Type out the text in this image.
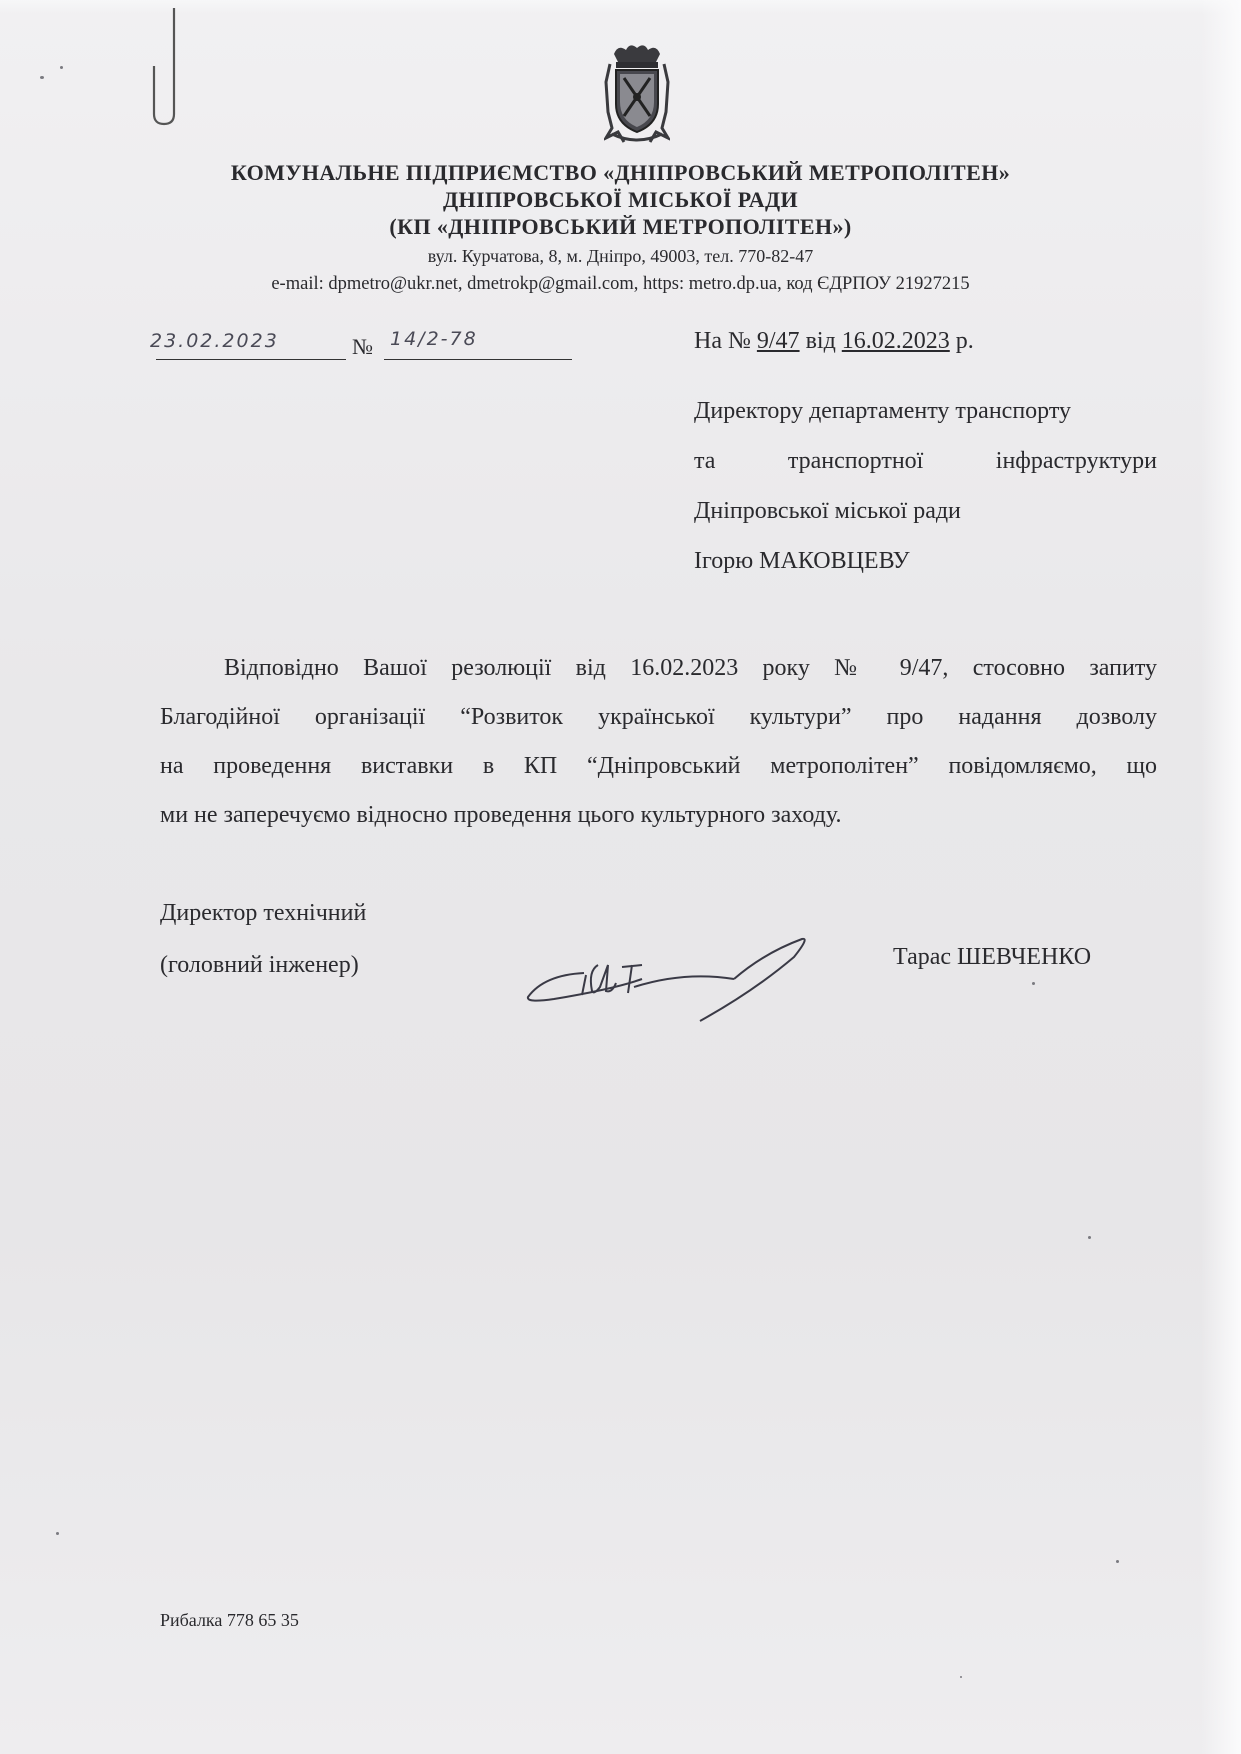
КОМУНАЛЬНЕ ПІДПРИЄМСТВО «ДНІПРОВСЬКИЙ МЕТРОПОЛІТЕН»
ДНІПРОВСЬКОЇ МІСЬКОЇ РАДИ
(КП «ДНІПРОВСЬКИЙ МЕТРОПОЛІТЕН»)
вул. Курчатова, 8, м. Дніпро, 49003, тел. 770-82-47
e-mail: dpmetro@ukr.net, dmetrokp@gmail.com, https: metro.dp.ua, код ЄДРПОУ 21927215
23.02.2023	№ 14/2-78	На № 9/47 від 16.02.2023 р.
Директору департаменту транспорту
та	транспортної	інфраструктури
Дніпровської міської ради
Ігорю МАКОВЦЕВУ
Відповідно Вашої резолюції від 16.02.2023 року № 9/47, стосовно запиту
Благодійної організації “Розвиток української культури” про надання дозволу
на проведення виставки в КП “Дніпровський метрополітен” повідомляємо, що
ми не заперечуємо відносно проведення цього культурного заходу.
Директор технічний
(головний інженер)	Тарас ШЕВЧЕНКО
Рибалка 778 65 35
